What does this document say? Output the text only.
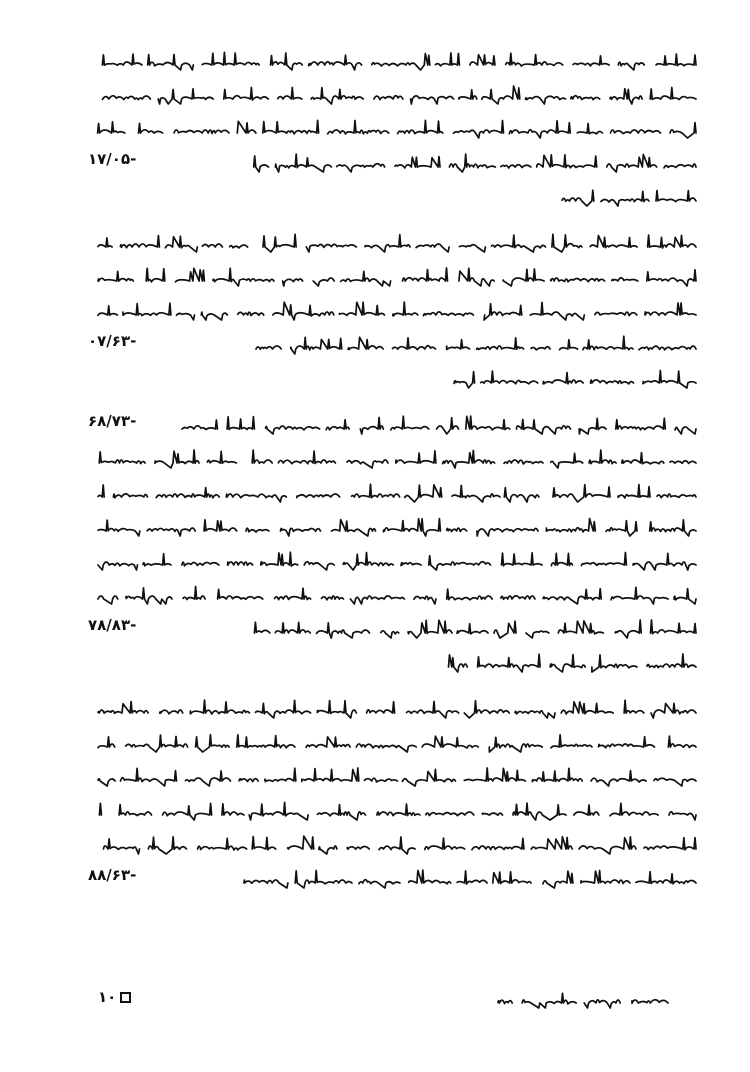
۱۷/۰۵-
۰۷/۶۳-
۶۸/۷۳-
۷۸/۸۳-
۸۸/۶۳-
۱۰
